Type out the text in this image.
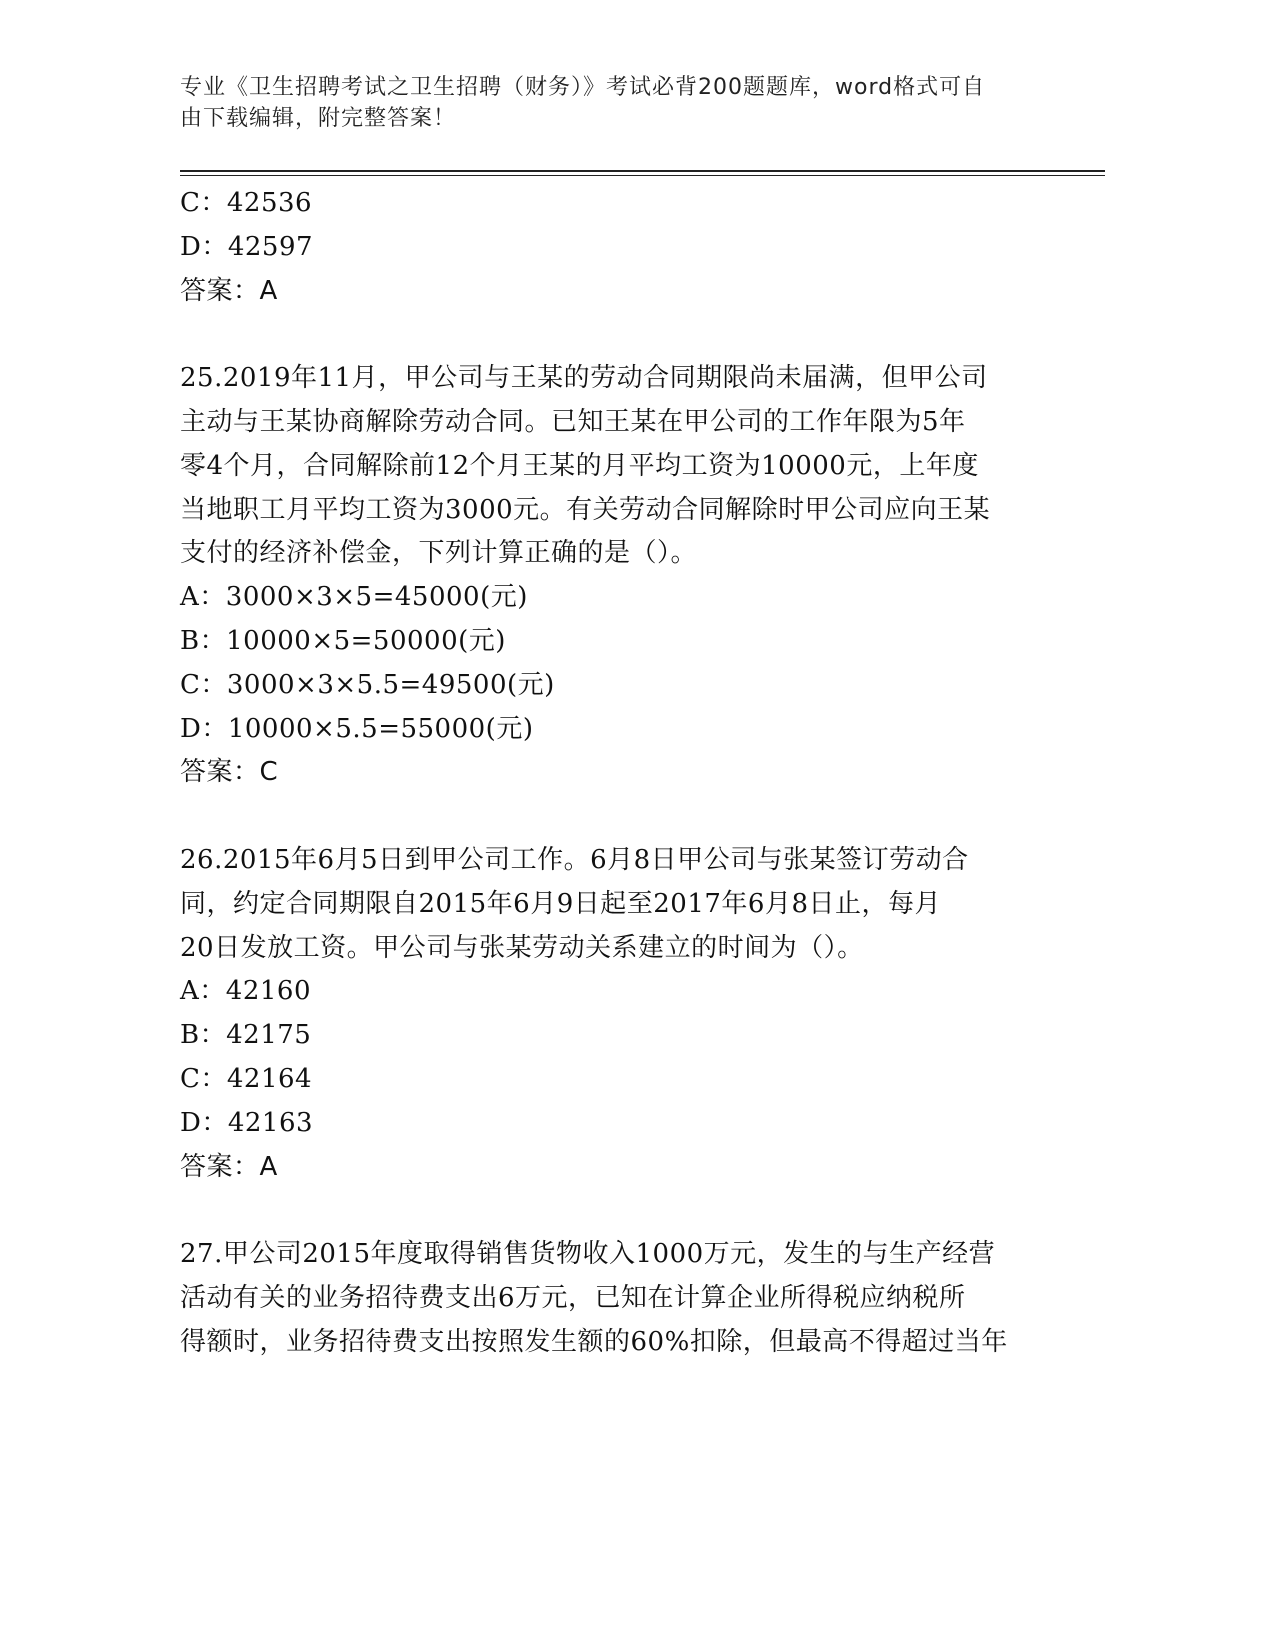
专业《卫生招聘考试之卫生招聘（财务）》考试必背200题题库，word格式可自
由下载编辑，附完整答案！
C：42536
D：42597
答案：A
25.2019年11月，甲公司与王某的劳动合同期限尚未届满，但甲公司
主动与王某协商解除劳动合同。已知王某在甲公司的工作年限为5年
零4个月，合同解除前12个月王某的月平均工资为10000元，上年度
当地职工月平均工资为3000元。有关劳动合同解除时甲公司应向王某
支付的经济补偿金，下列计算正确的是（）。
A：3000×3×5=45000(元)
B：10000×5=50000(元)
C：3000×3×5.5=49500(元)
D：10000×5.5=55000(元)
答案：C
26.2015年6月5日到甲公司工作。6月8日甲公司与张某签订劳动合
同，约定合同期限自2015年6月9日起至2017年6月8日止，每月
20日发放工资。甲公司与张某劳动关系建立的时间为（）。
A：42160
B：42175
C：42164
D：42163
答案：A
27.甲公司2015年度取得销售货物收入1000万元，发生的与生产经营
活动有关的业务招待费支出6万元，已知在计算企业所得税应纳税所
得额时，业务招待费支出按照发生额的60%扣除，但最高不得超过当年
